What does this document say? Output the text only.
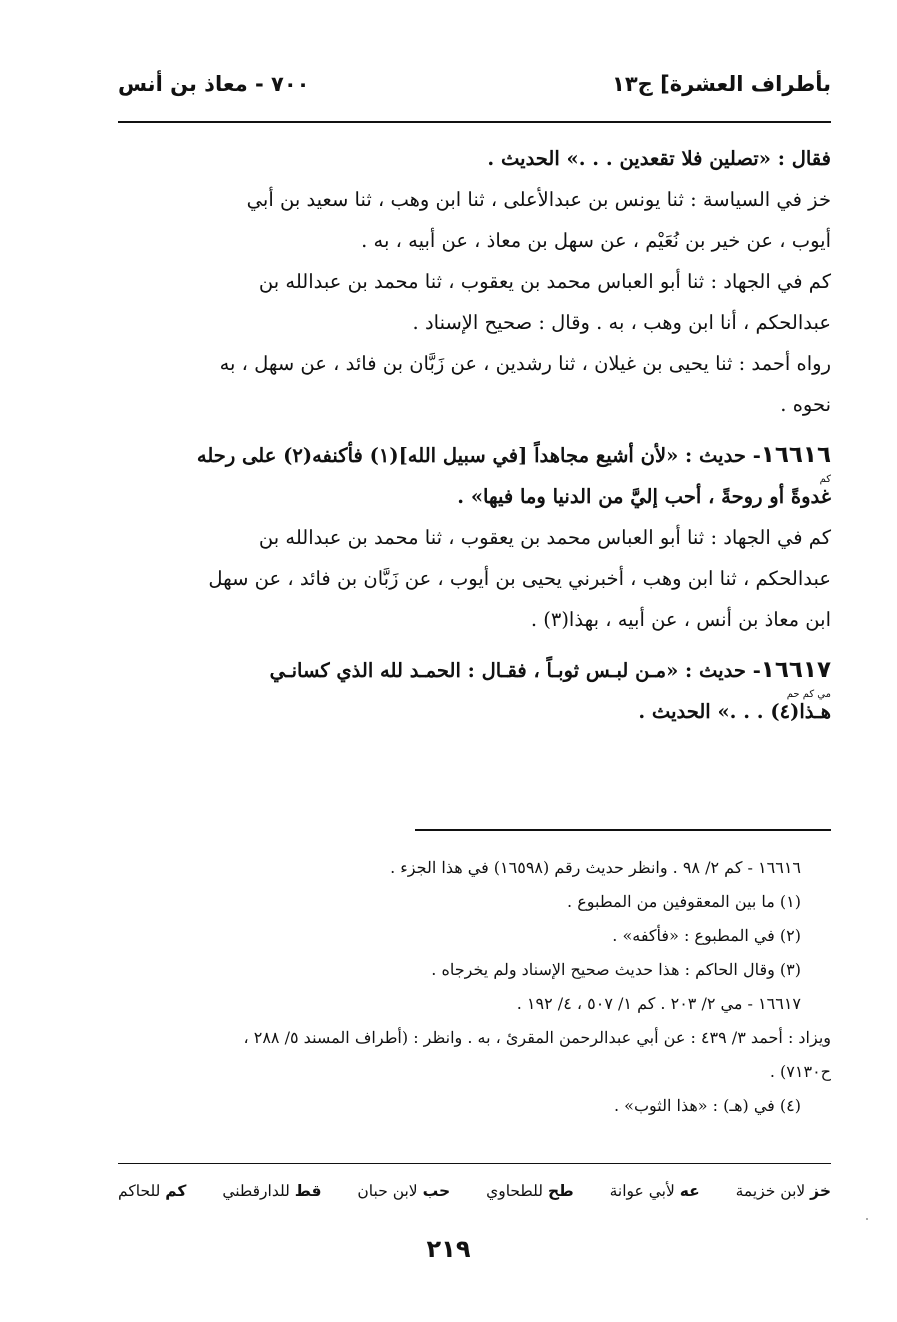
بأطراف العشرة] ج١٣
٧٠٠ - معاذ بن أنس

فقال : «تصلين فلا تقعدين . . .» الحديث .

خز في السياسة : ثنا يونس بن عبدالأعلى ، ثنا ابن وهب ، ثنا سعيد بن أبي
أيوب ، عن خير بن نُعَيْم ، عن سهل بن معاذ ، عن أبيه ، به .

كم في الجهاد : ثنا أبو العباس محمد بن يعقوب ، ثنا محمد بن عبدالله بن
عبدالحكم ، أنا ابن وهب ، به . وقال : صحيح الإسناد .

رواه أحمد : ثنا يحيى بن غيلان ، ثنا رشدين ، عن زَبَّان بن فائد ، عن سهل ، به
نحوه .

١٦٦١٦
كم
- حديث : «لأن أشيع مجاهداً [في سبيل الله](١) فأكنفه(٢) على رحله
غدوةً أو روحةً ، أحب إليَّ من الدنيا وما فيها» .

كم في الجهاد : ثنا أبو العباس محمد بن يعقوب ، ثنا محمد بن عبدالله بن
عبدالحكم ، ثنا ابن وهب ، أخبرني يحيى بن أيوب ، عن زَبَّان بن فائد ، عن سهل
ابن معاذ بن أنس ، عن أبيه ، بهذا(٣) .

١٦٦١٧
مي كم حم
- حديث : «مـن لبـس ثوبـاً ، فقـال : الحمـد لله الذي كسانـي
هـذا(٤) . . .» الحديث .

١٦٦١٦ - كم ٢/ ٩٨ . وانظر حديث رقم (١٦٥٩٨) في هذا الجزء .

(١) ما بين المعقوفين من المطبوع .

(٢) في المطبوع : «فأكفه» .

(٣) وقال الحاكم : هذا حديث صحيح الإسناد ولم يخرجاه .

١٦٦١٧ - مي ٢/ ٢٠٣ . كم ١/ ٥٠٧ ، ٤/ ١٩٢ .

ويزاد : أحمد ٣/ ٤٣٩ : عن أبي عبدالرحمن المقرئ ، به . وانظر : (أطراف المسند ٥/ ٢٨٨ ،

ح٧١٣٠) .

(٤) في (هـ) : «هذا الثوب» .

خز لابن خزيمة
عه لأبي عوانة
طح للطحاوي
حب لابن حبان
قط للدارقطني
كم للحاكم
٢١٩
